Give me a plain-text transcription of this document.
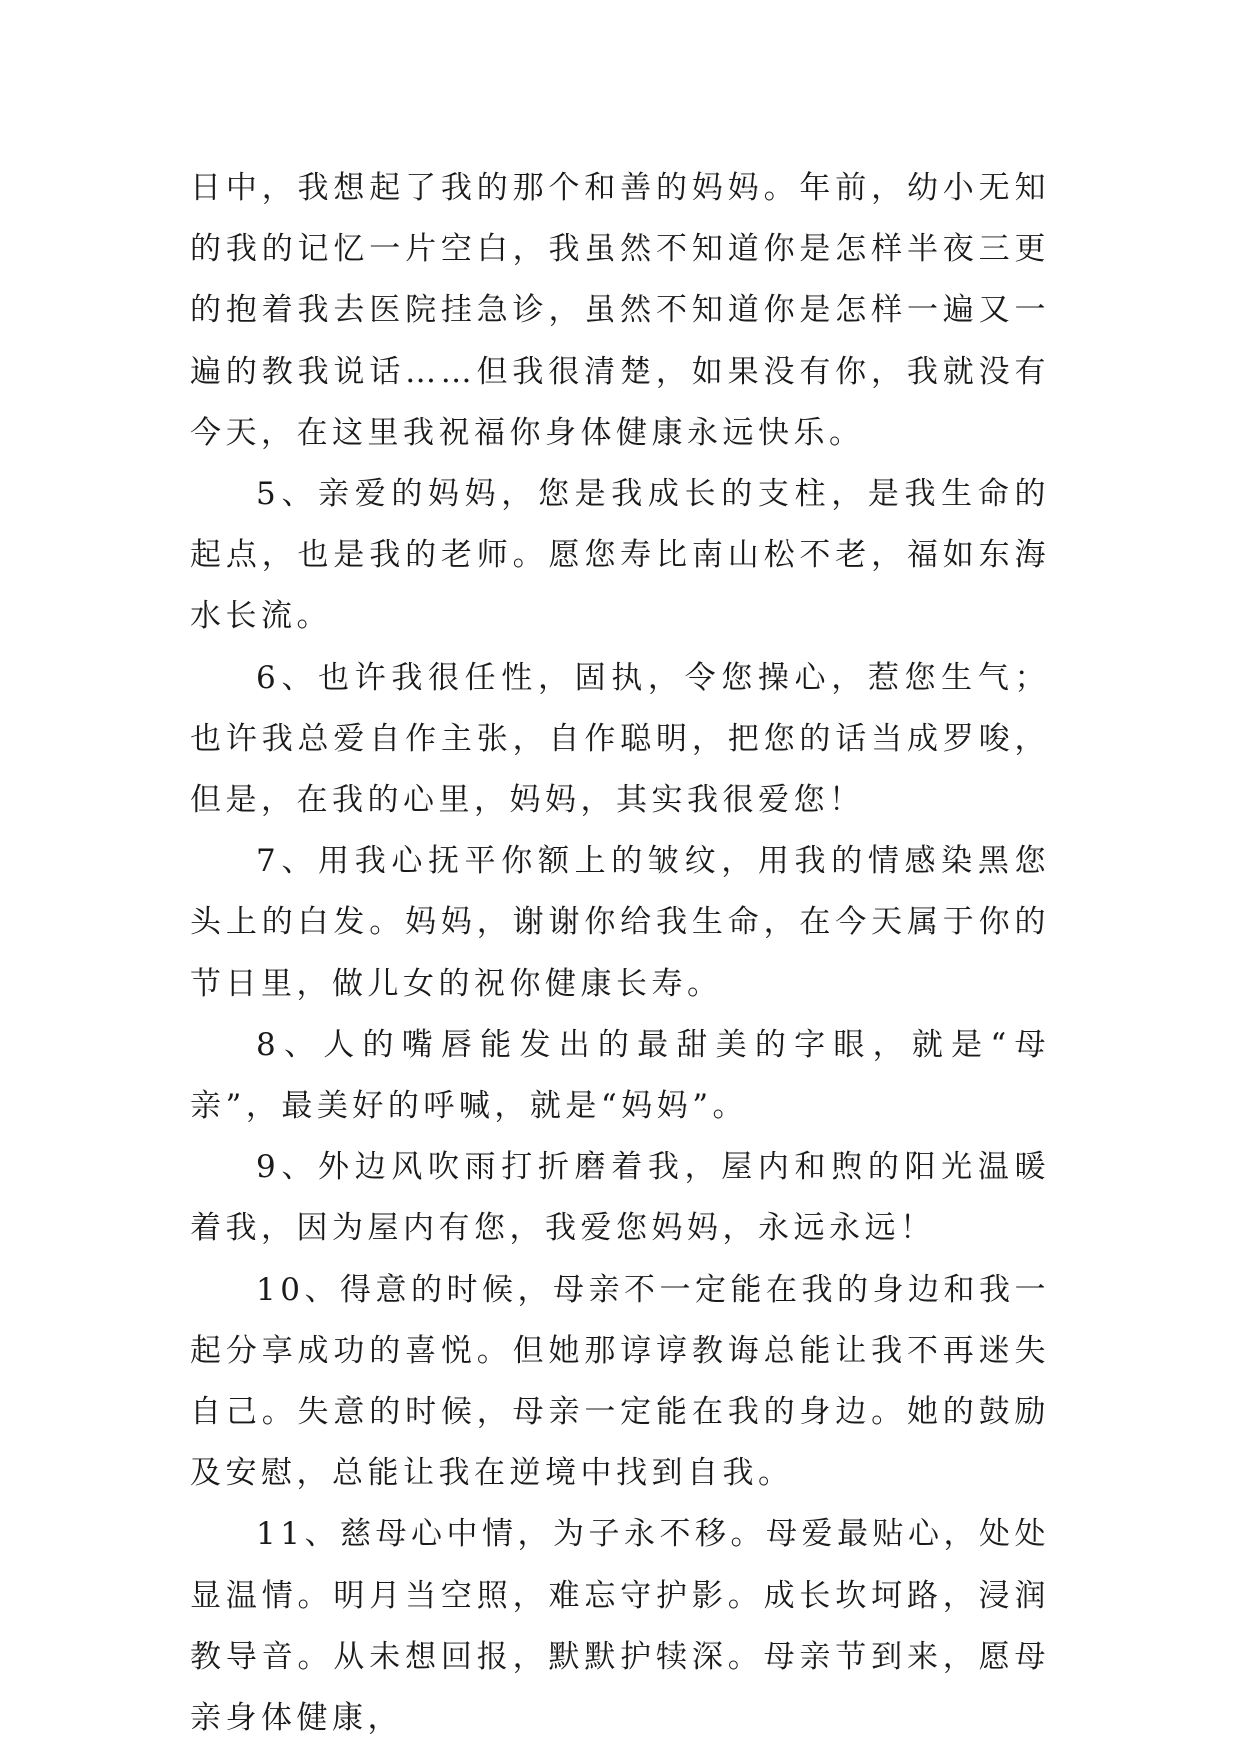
日中，我想起了我的那个和善的妈妈。年前，幼小无知的我的记忆一片空白，我虽然不知道你是怎样半夜三更的抱着我去医院挂急诊，虽然不知道你是怎样一遍又一遍的教我说话……但我很清楚，如果没有你，我就没有今天，在这里我祝福你身体健康永远快乐。

5、亲爱的妈妈，您是我成长的支柱，是我生命的起点，也是我的老师。愿您寿比南山松不老，福如东海水长流。

6、也许我很任性，固执，令您操心，惹您生气；也许我总爱自作主张，自作聪明，把您的话当成罗唆，但是，在我的心里，妈妈，其实我很爱您！

7、用我心抚平你额上的皱纹，用我的情感染黑您头上的白发。妈妈，谢谢你给我生命，在今天属于你的节日里，做儿女的祝你健康长寿。

8、人的嘴唇能发出的最甜美的字眼，就是“母亲”，最美好的呼喊，就是“妈妈”。

9、外边风吹雨打折磨着我，屋内和煦的阳光温暖着我，因为屋内有您，我爱您妈妈，永远永远！

10、得意的时候，母亲不一定能在我的身边和我一起分享成功的喜悦。但她那谆谆教诲总能让我不再迷失自己。失意的时候，母亲一定能在我的身边。她的鼓励及安慰，总能让我在逆境中找到自我。

11、慈母心中情，为子永不移。母爱最贴心，处处显温情。明月当空照，难忘守护影。成长坎坷路，浸润教导音。从未想回报，默默护犊深。母亲节到来，愿母亲身体健康，
